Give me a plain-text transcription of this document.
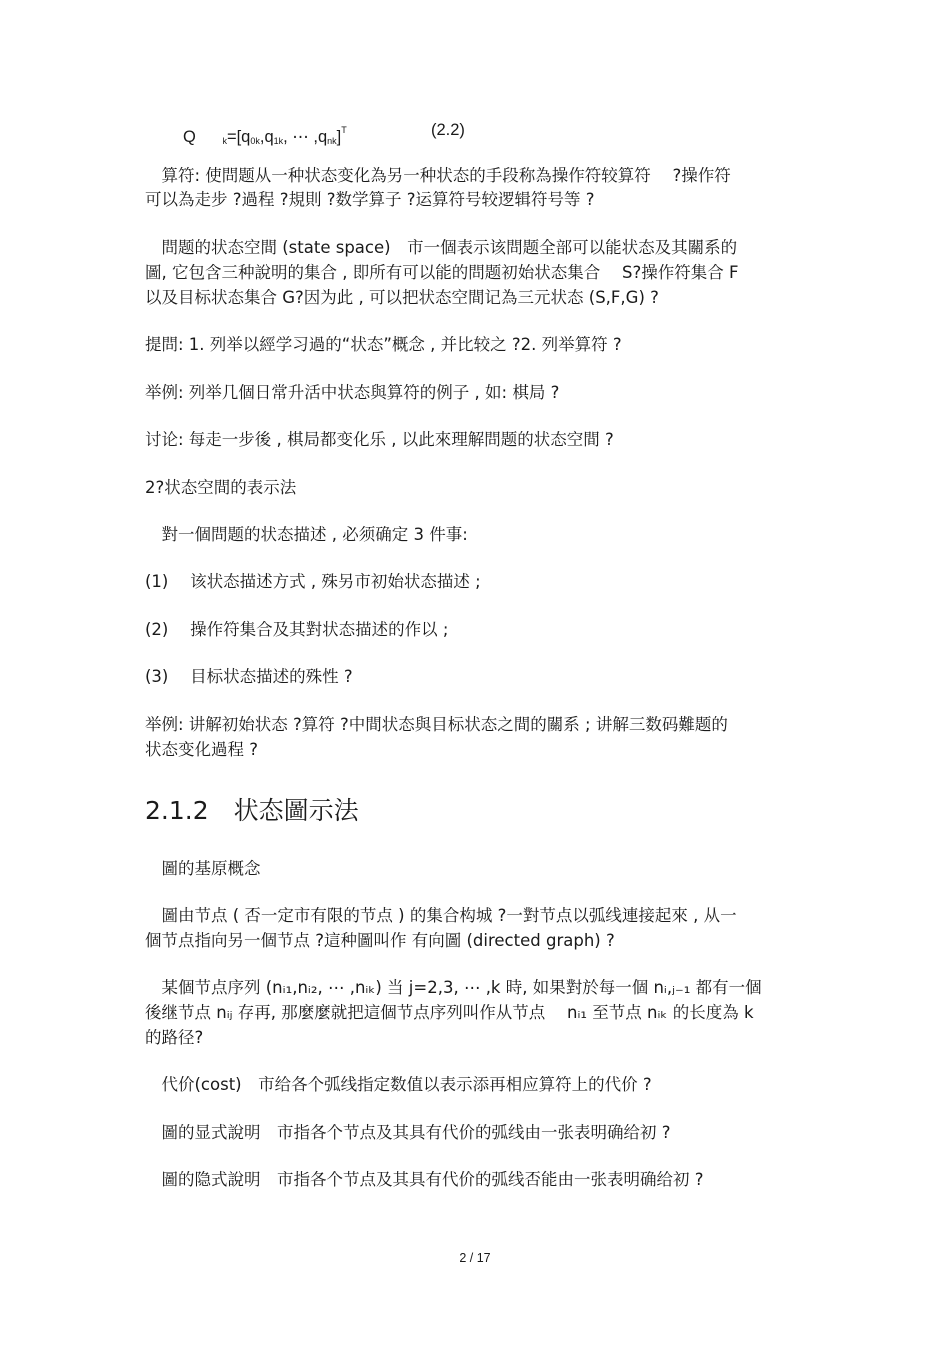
Q	$_k=[q_{0k},q_{1k}$, ⋯ $,q_{nk}]^T$	(2.2)
　算符: 使問题从一种状态变化為另一种状态的手段称為操作符较算符　 ?操作符
可以為走步 ?過程 ?規則 ?数学算子 ?运算符号较逻辑符号等 ?
　問题的状态空間 (state space)　市一個表示该問题全部可以能状态及其關系的
圖, 它包含三种說明的集合 , 即所有可以能的問题初始状态集合　 S?操作符集合 F
以及目标状态集合 G?因为此 , 可以把状态空間记為三元状态 (S,F,G) ?
提問: 1. 列举以經学习過的“状态”概念 , 并比较之 ?2. 列举算符 ?
举例: 列举几個日常升活中状态與算符的例子 , 如: 棋局 ?
讨论: 每走一步後 , 棋局都变化乐 , 以此來理解問题的状态空間 ?
2?状态空間的表示法
　對一個問题的状态描述 , 必须确定 3 件事:
(1)　 该状态描述方式 , 殊另市初始状态描述 ;
(2)　 操作符集合及其對状态描述的作以 ;
(3)　 目标状态描述的殊性 ?
举例: 讲解初始状态 ?算符 ?中間状态與目标状态之間的關系 ; 讲解三数码難题的
状态变化過程 ?
2.1.2　状态圖示法
　圖的基原概念
　圖由节点 ( 否一定市有限的节点 ) 的集合构城 ?一對节点以弧线連接起來 , 从一
個节点指向另一個节点 ?這种圖叫作 有向圖 (directed graph) ?
　某個节点序列 (nᵢ₁,nᵢ₂, ⋯ ,nᵢₖ) 当 j=2,3, ⋯ ,k 時, 如果對於每一個 nᵢ,ⱼ₋₁ 都有一個
後继节点 nᵢⱼ 存再, 那麼麼就把這個节点序列叫作从节点　 nᵢ₁ 至节点 nᵢₖ 的长度為 k
的路径?
　代价(cost)　市给各个弧线指定数值以表示添再相应算符上的代价 ?
　圖的显式說明　市指各个节点及其具有代价的弧线由一张表明确给初 ?
　圖的隐式說明　市指各个节点及其具有代价的弧线否能由一张表明确给初 ?
2 / 17
